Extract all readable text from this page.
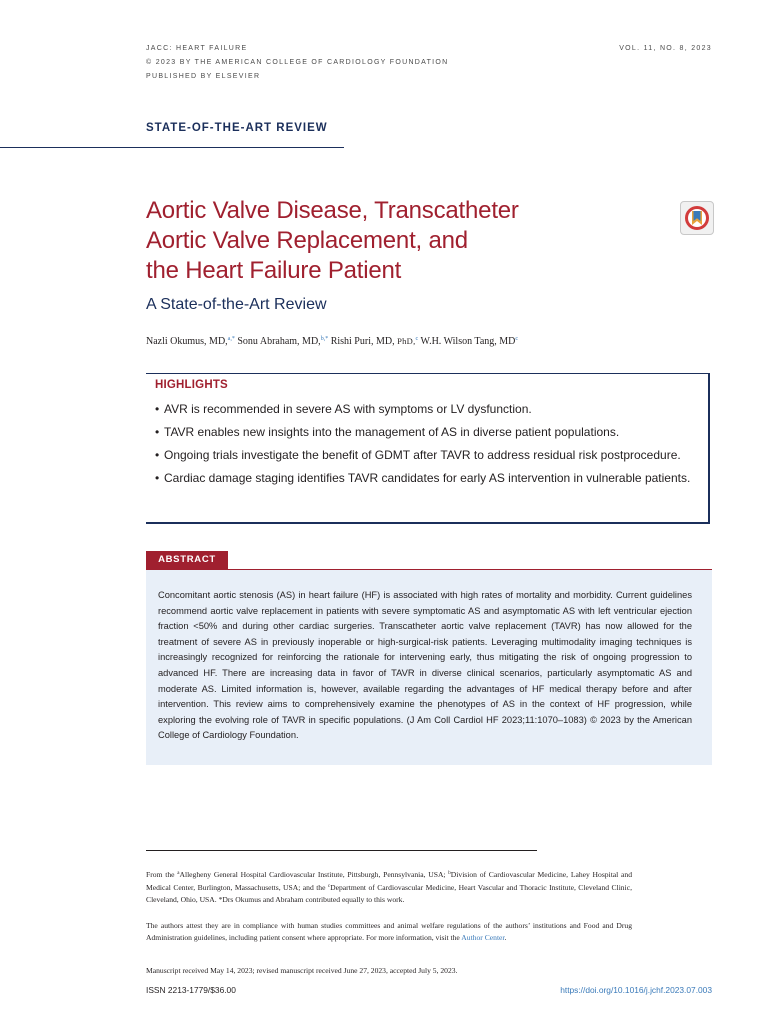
JACC: HEART FAILURE
© 2023 BY THE AMERICAN COLLEGE OF CARDIOLOGY FOUNDATION
PUBLISHED BY ELSEVIER
VOL. 11, NO. 8, 2023
STATE-OF-THE-ART REVIEW
Aortic Valve Disease, Transcatheter
Aortic Valve Replacement, and
the Heart Failure Patient
A State-of-the-Art Review
Nazli Okumus, MD,$^{a,*}$ Sonu Abraham, MD,$^{b,*}$ Rishi Puri, MD, PhD,$^c$ W.H. Wilson Tang, $MD^c$
HIGHLIGHTS
• AVR is recommended in severe AS with symptoms or LV dysfunction.
• TAVR enables new insights into the management of AS in diverse patient populations.
• Ongoing trials investigate the benefit of GDMT after TAVR to address residual risk postprocedure.
• Cardiac damage staging identifies TAVR candidates for early AS intervention in vulnerable patients.
ABSTRACT

Concomitant aortic stenosis (AS) in heart failure (HF) is associated with high rates of mortality and morbidity. Current guidelines recommend aortic valve replacement in patients with severe symptomatic AS and asymptomatic AS with left ventricular ejection fraction <50% and during other cardiac surgeries. Transcatheter aortic valve replacement (TAVR) has now allowed for the treatment of severe AS in previously inoperable or high-surgical-risk patients. Leveraging multimodality imaging techniques is increasingly recognized for reinforcing the rationale for intervening early, thus mitigating the risk of ongoing progression to advanced HF. There are increasing data in favor of TAVR in diverse clinical scenarios, particularly asymptomatic AS and moderate AS. Limited information is, however, available regarding the advantages of HF medical therapy before and after intervention. This review aims to comprehensively examine the phenotypes of AS in the context of HF progression, while exploring the evolving role of TAVR in specific populations. (J Am Coll Cardiol HF 2023;11:1070–1083) © 2023 by the American College of Cardiology Foundation.

From the $^a$Allegheny General Hospital Cardiovascular Institute, Pittsburgh, Pennsylvania, USA; $^b$Division of Cardiovascular Medicine, Lahey Hospital and Medical Center, Burlington, Massachusetts, USA; and the $^c$Department of Cardiovascular Medicine, Heart Vascular and Thoracic Institute, Cleveland Clinic, Cleveland, Ohio, USA. *Drs Okumus and Abraham contributed equally to this work.

The authors attest they are in compliance with human studies committees and animal welfare regulations of the authors’ institutions and Food and Drug Administration guidelines, including patient consent where appropriate. For more information, visit the Author Center.

Manuscript received May 14, 2023; revised manuscript received June 27, 2023, accepted July 5, 2023.

ISSN 2213-1779/$36.00	https://doi.org/10.1016/j.jchf.2023.07.003
